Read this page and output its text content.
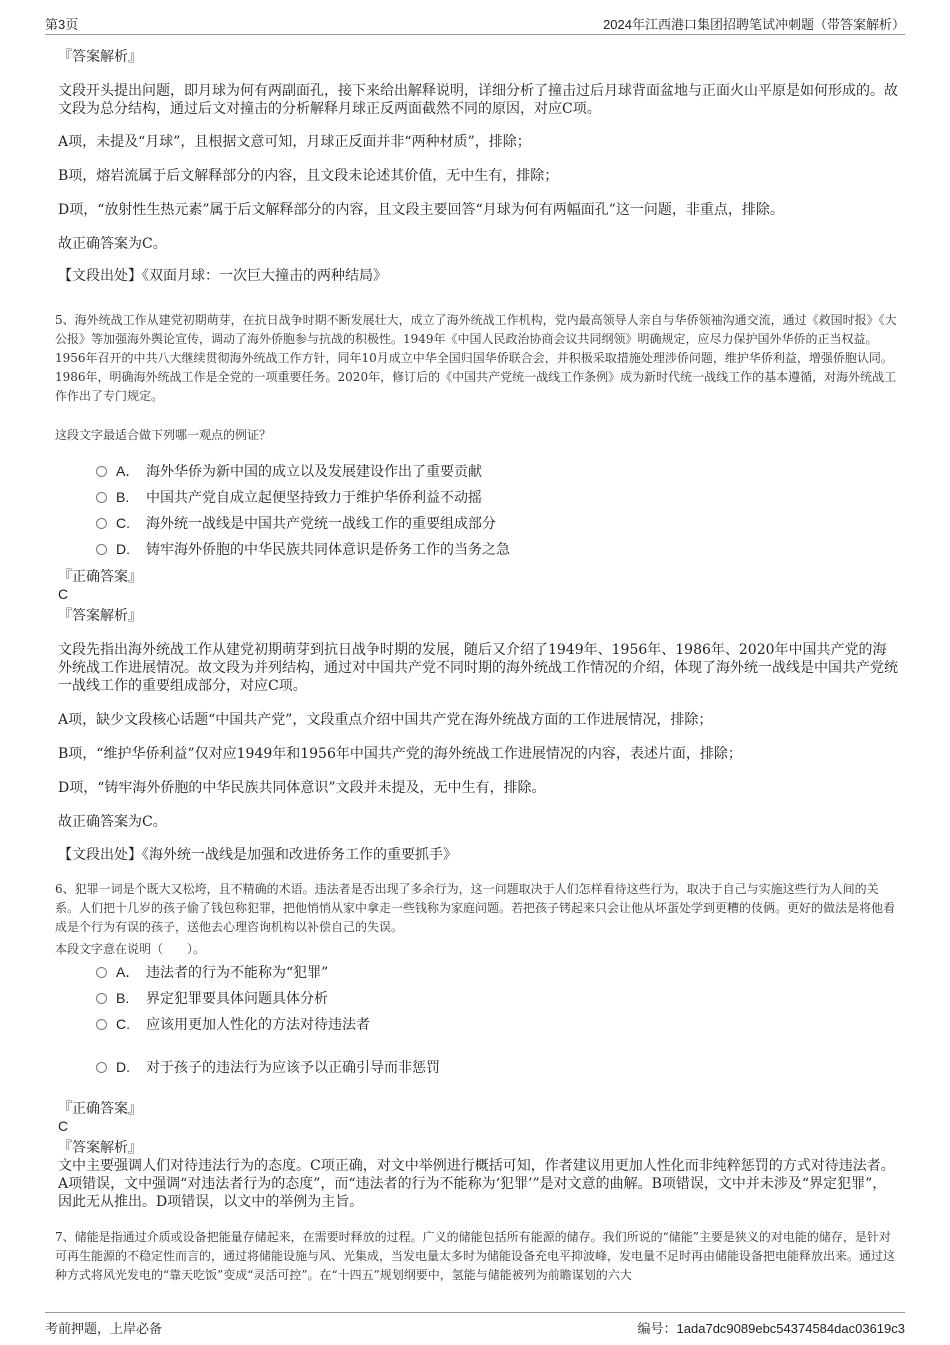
第3页	2024年江西港口集团招聘笔试冲刺题（带答案解析）
『答案解析』
文段开头提出问题，即月球为何有两副面孔，接下来给出解释说明，详细分析了撞击过后月球背面盆地与正面火山平原是如何形成的。故文段为总分结构，通过后文对撞击的分析解释月球正反两面截然不同的原因，对应C项。
A项，未提及“月球”，且根据文意可知，月球正反面并非“两种材质”，排除；
B项，熔岩流属于后文解释部分的内容，且文段未论述其价值，无中生有，排除；
D项，“放射性生热元素”属于后文解释部分的内容，且文段主要回答“月球为何有两幅面孔”这一问题，非重点，排除。
故正确答案为C。
【文段出处】《双面月球：一次巨大撞击的两种结局》
5、海外统战工作从建党初期萌芽，在抗日战争时期不断发展壮大，成立了海外统战工作机构，党内最高领导人亲自与华侨领袖沟通交流，通过《救国时报》《大公报》等加强海外舆论宣传，调动了海外侨胞参与抗战的积极性。1949年《中国人民政治协商会议共同纲领》明确规定，应尽力保护国外华侨的正当权益。1956年召开的中共八大继续贯彻海外统战工作方针，同年10月成立中华全国归国华侨联合会，并积极采取措施处理涉侨问题，维护华侨利益，增强侨胞认同。1986年，明确海外统战工作是全党的一项重要任务。2020年，修订后的《中国共产党统一战线工作条例》成为新时代统一战线工作的基本遵循，对海外统战工作作出了专门规定。
这段文字最适合做下列哪一观点的例证？
A． 海外华侨为新中国的成立以及发展建设作出了重要贡献
B. 中国共产党自成立起便坚持致力于维护华侨利益不动摇
C. 海外统一战线是中国共产党统一战线工作的重要组成部分
D. 铸牢海外侨胞的中华民族共同体意识是侨务工作的当务之急
『正确答案』
C
『答案解析』
文段先指出海外统战工作从建党初期萌芽到抗日战争时期的发展，随后又介绍了1949年、1956年、1986年、2020年中国共产党的海外统战工作进展情况。故文段为并列结构，通过对中国共产党不同时期的海外统战工作情况的介绍，体现了海外统一战线是中国共产党统一战线工作的重要组成部分，对应C项。
A项，缺少文段核心话题“中国共产党”，文段重点介绍中国共产党在海外统战方面的工作进展情况，排除；
B项，“维护华侨利益”仅对应1949年和1956年中国共产党的海外统战工作进展情况的内容，表述片面，排除；
D项，“铸牢海外侨胞的中华民族共同体意识”文段并未提及，无中生有，排除。
故正确答案为C。
【文段出处】《海外统一战线是加强和改进侨务工作的重要抓手》
6、犯罪一词是个既大又松垮，且不精确的术语。违法者是否出现了多余行为，这一问题取决于人们怎样看待这些行为，取决于自己与实施这些行为人间的关系。人们把十几岁的孩子偷了钱包称犯罪，把他悄悄从家中拿走一些钱称为家庭问题。若把孩子铐起来只会让他从坏蛋处学到更糟的伎俩。更好的做法是将他看成是个行为有误的孩子，送他去心理咨询机构以补偿自己的失误。
本段文字意在说明（　　）。
A． 违法者的行为不能称为“犯罪”
B. 界定犯罪要具体问题具体分析
C. 应该用更加人性化的方法对待违法者
D. 对于孩子的违法行为应该予以正确引导而非惩罚
『正确答案』
C
『答案解析』
文中主要强调人们对待违法行为的态度。C项正确，对文中举例进行概括可知，作者建议用更加人性化而非纯粹惩罚的方式对待违法者。A项错误，文中强调“对违法者行为的态度”，而“违法者的行为不能称为‘犯罪’”是对文意的曲解。B项错误，文中并未涉及“界定犯罪”，因此无从推出。D项错误，以文中的举例为主旨。
7、储能是指通过介质或设备把能量存储起来，在需要时释放的过程。广义的储能包括所有能源的储存。我们所说的“储能”主要是狭义的对电能的储存，是针对可再生能源的不稳定性而言的，通过将储能设施与风、光集成，当发电量太多时为储能设备充电平抑波峰，发电量不足时再由储能设备把电能释放出来。通过这种方式将风光发电的“靠天吃饭”变成“灵活可控”。在“十四五”规划纲要中，氢能与储能被列为前瞻谋划的六大
考前押题，上岸必备	编号：1ada7dc9089ebc54374584dac03619c3
